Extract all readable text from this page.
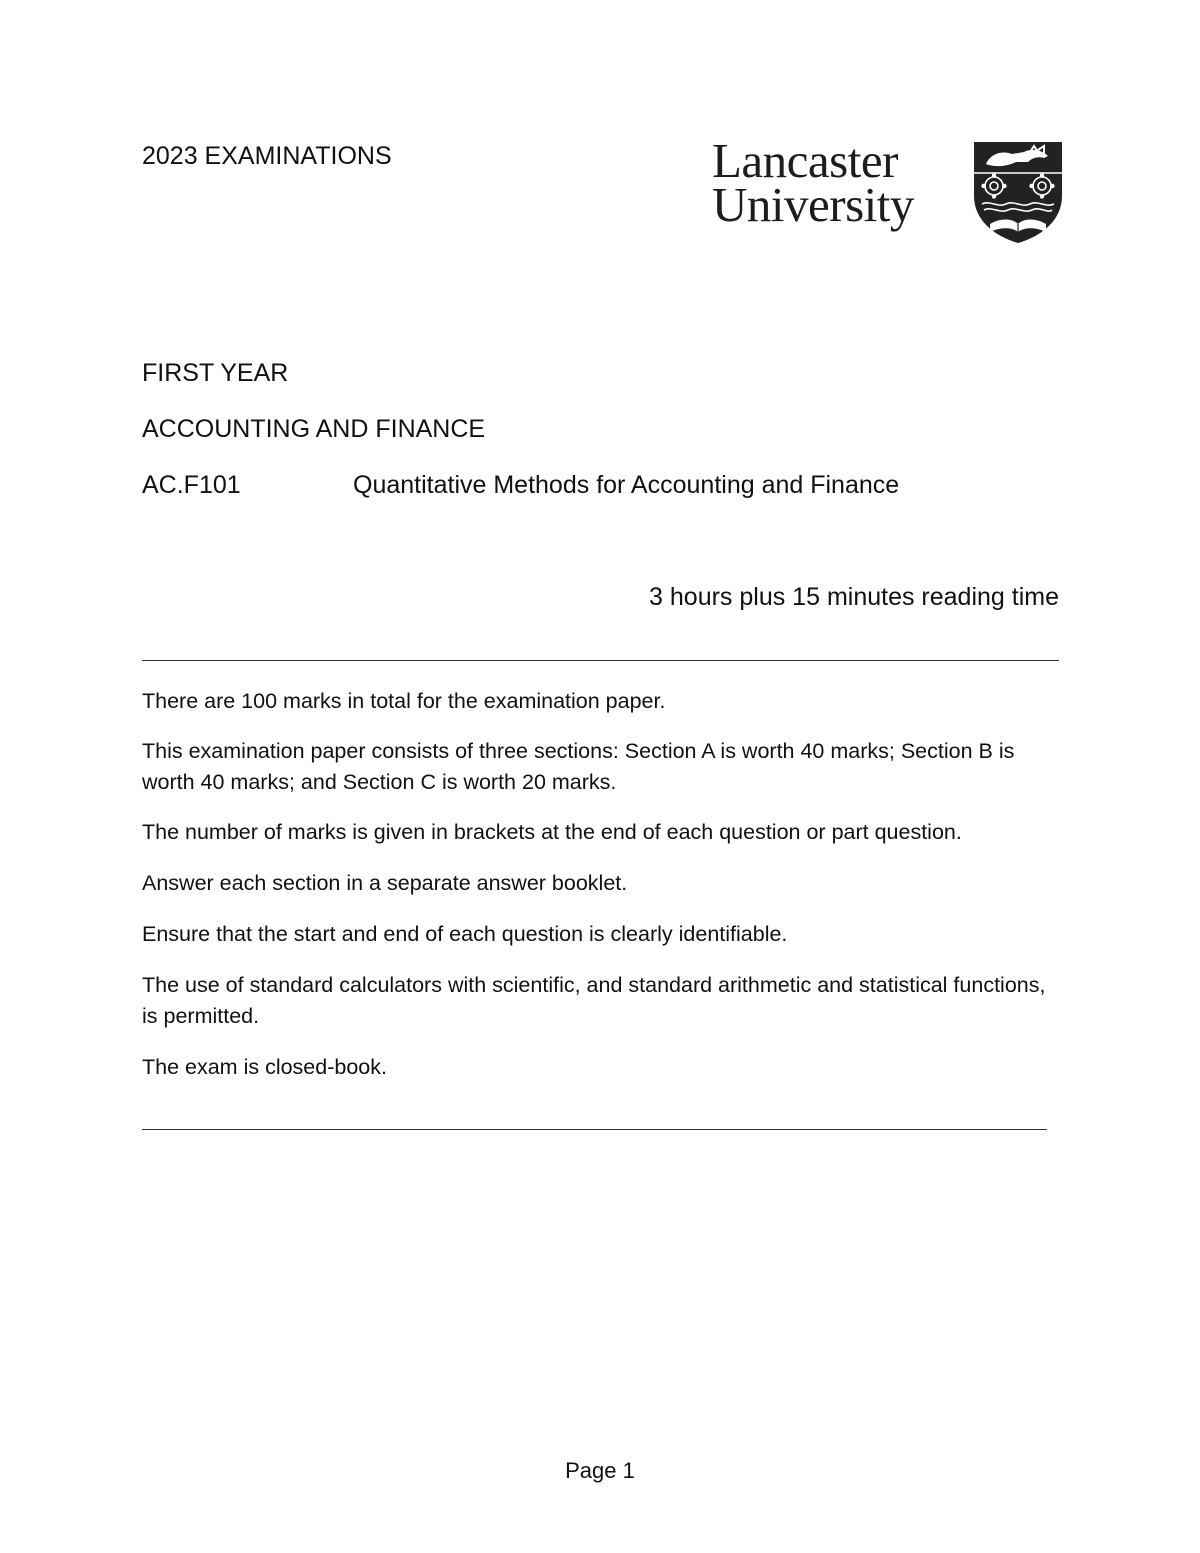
2023 EXAMINATIONS	Lancaster
University
FIRST YEAR
ACCOUNTING AND FINANCE
AC.F101	Quantitative Methods for Accounting and Finance
3 hours plus 15 minutes reading time
There are 100 marks in total for the examination paper.
This examination paper consists of three sections: Section A is worth 40 marks; Section B is worth 40 marks; and Section C is worth 20 marks.
The number of marks is given in brackets at the end of each question or part question.
Answer each section in a separate answer booklet.
Ensure that the start and end of each question is clearly identifiable.
The use of standard calculators with scientific, and standard arithmetic and statistical functions, is permitted.
The exam is closed-book.
Page 1
